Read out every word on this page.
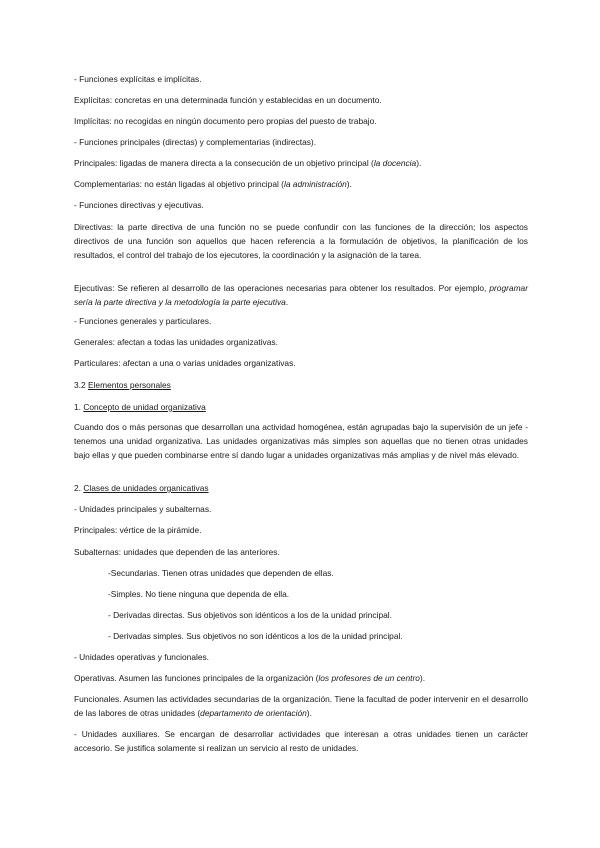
- Funciones explícitas e implícitas.

Explícitas: concretas en una determinada función y establecidas en un documento.

Implícitas: no recogidas en ningún documento pero propias del puesto de trabajo.

- Funciones principales (directas) y complementarias (indirectas).

Principales: ligadas de manera directa a la consecución de un objetivo principal (la docencia).

Complementarias: no están ligadas al objetivo principal (la administración).

- Funciones directivas y ejecutivas.

Directivas: la parte directiva de una función no se puede confundir con las funciones de la dirección; los aspectos directivos de una función son aquellos que hacen referencia a la formulación de objetivos, la planificación de los resultados, el control del trabajo de los ejecutores, la coordinación y la asignación de la tarea.

Ejecutivas: Se refieren al desarrollo de las operaciones necesarias para obtener los resultados. Por ejemplo, programar sería la parte directiva y la metodología la parte ejecutiva.

- Funciones generales y particulares.

Generales: afectan a todas las unidades organizativas.

Particulares: afectan a una o varias unidades organizativas.

3.2 Elementos personales

1. Concepto de unidad organizativa

Cuando dos o más personas que desarrollan una actividad homogénea, están agrupadas bajo la supervisión de un jefe - tenemos una unidad organizativa. Las unidades organizativas más simples son aquellas que no tienen otras unidades bajo ellas y que pueden combinarse entre sí dando lugar a unidades organizativas más amplias y de nivel más elevado.

2. Clases de unidades organicativas

- Unidades principales y subalternas.

Principales: vértice de la pirámide.

Subalternas: unidades que dependen de las anteriores.

-Secundarias. Tienen otras unidades que dependen de ellas.

-Simples. No tiene ninguna que dependa de ella.

- Derivadas directas. Sus objetivos son idénticos a los de la unidad principal.

- Derivadas simples. Sus objetivos no son idénticos a los de la unidad principal.

- Unidades operativas y funcionales.

Operativas. Asumen las funciones principales de la organización (los profesores de un centro).

Funcionales. Asumen las actividades secundarias de la organización. Tiene la facultad de poder intervenir en el desarrollo de las labores de otras unidades (departamento de orientación).

- Unidades auxiliares. Se encargan de desarrollar actividades que interesan a otras unidades tienen un carácter accesorio. Se justifica solamente si realizan un servicio al resto de unidades.
